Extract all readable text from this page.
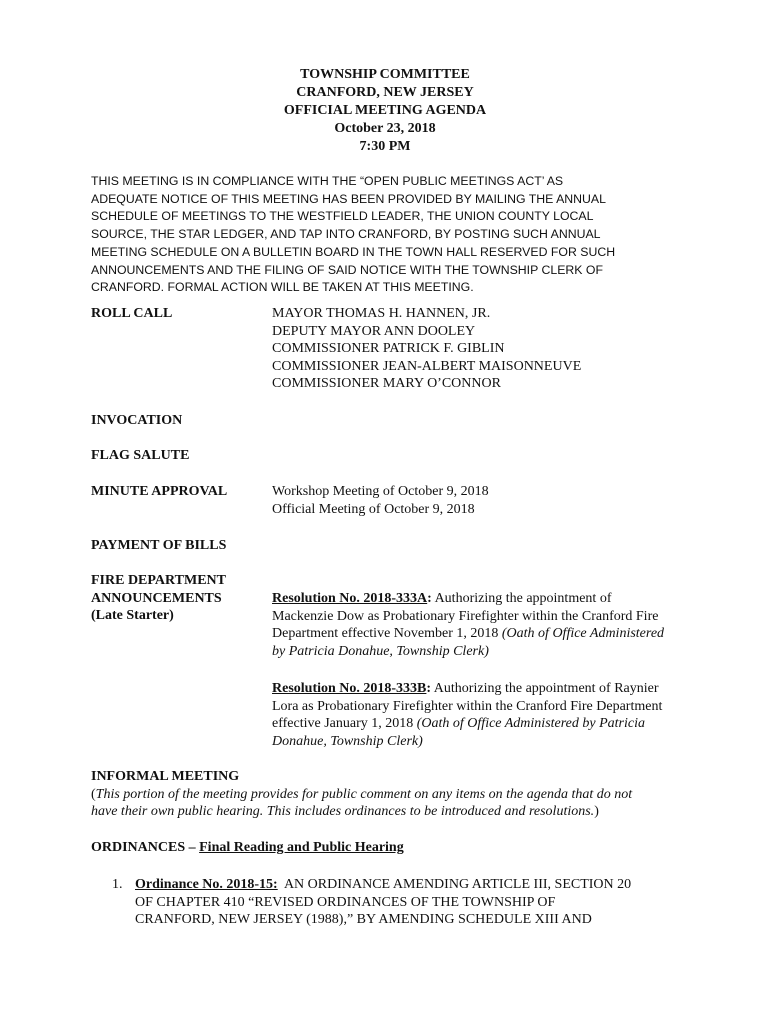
TOWNSHIP COMMITTEE
CRANFORD, NEW JERSEY
OFFICIAL MEETING AGENDA
October 23, 2018
7:30 PM
THIS MEETING IS IN COMPLIANCE WITH THE “OPEN PUBLIC MEETINGS ACT’ AS
ADEQUATE NOTICE OF THIS MEETING HAS BEEN PROVIDED BY MAILING THE ANNUAL
SCHEDULE OF MEETINGS TO THE WESTFIELD LEADER, THE UNION COUNTY LOCAL
SOURCE, THE STAR LEDGER, AND TAP INTO CRANFORD, BY POSTING SUCH ANNUAL
MEETING SCHEDULE ON A BULLETIN BOARD IN THE TOWN HALL RESERVED FOR SUCH
ANNOUNCEMENTS AND THE FILING OF SAID NOTICE WITH THE TOWNSHIP CLERK OF
CRANFORD. FORMAL ACTION WILL BE TAKEN AT THIS MEETING.
ROLL CALL	MAYOR THOMAS H. HANNEN, JR.
DEPUTY MAYOR ANN DOOLEY
COMMISSIONER PATRICK F. GIBLIN
COMMISSIONER JEAN-ALBERT MAISONNEUVE
COMMISSIONER MARY O’CONNOR
INVOCATION
FLAG SALUTE
MINUTE APPROVAL	Workshop Meeting of October 9, 2018
Official Meeting of October 9, 2018
PAYMENT OF BILLS
FIRE DEPARTMENT
ANNOUNCEMENTS
(Late Starter)
Resolution No. 2018-333A: Authorizing the appointment of
Mackenzie Dow as Probationary Firefighter within the Cranford Fire
Department effective November 1, 2018 (Oath of Office Administered
by Patricia Donahue, Township Clerk)
Resolution No. 2018-333B: Authorizing the appointment of Raynier
Lora as Probationary Firefighter within the Cranford Fire Department
effective January 1, 2018 (Oath of Office Administered by Patricia
Donahue, Township Clerk)
INFORMAL MEETING
(This portion of the meeting provides for public comment on any items on the agenda that do not
have their own public hearing. This includes ordinances to be introduced and resolutions.)
ORDINANCES – Final Reading and Public Hearing
1. Ordinance No. 2018-15:  AN ORDINANCE AMENDING ARTICLE III, SECTION 20
OF CHAPTER 410 “REVISED ORDINANCES OF THE TOWNSHIP OF
CRANFORD, NEW JERSEY (1988),” BY AMENDING SCHEDULE XIII AND
